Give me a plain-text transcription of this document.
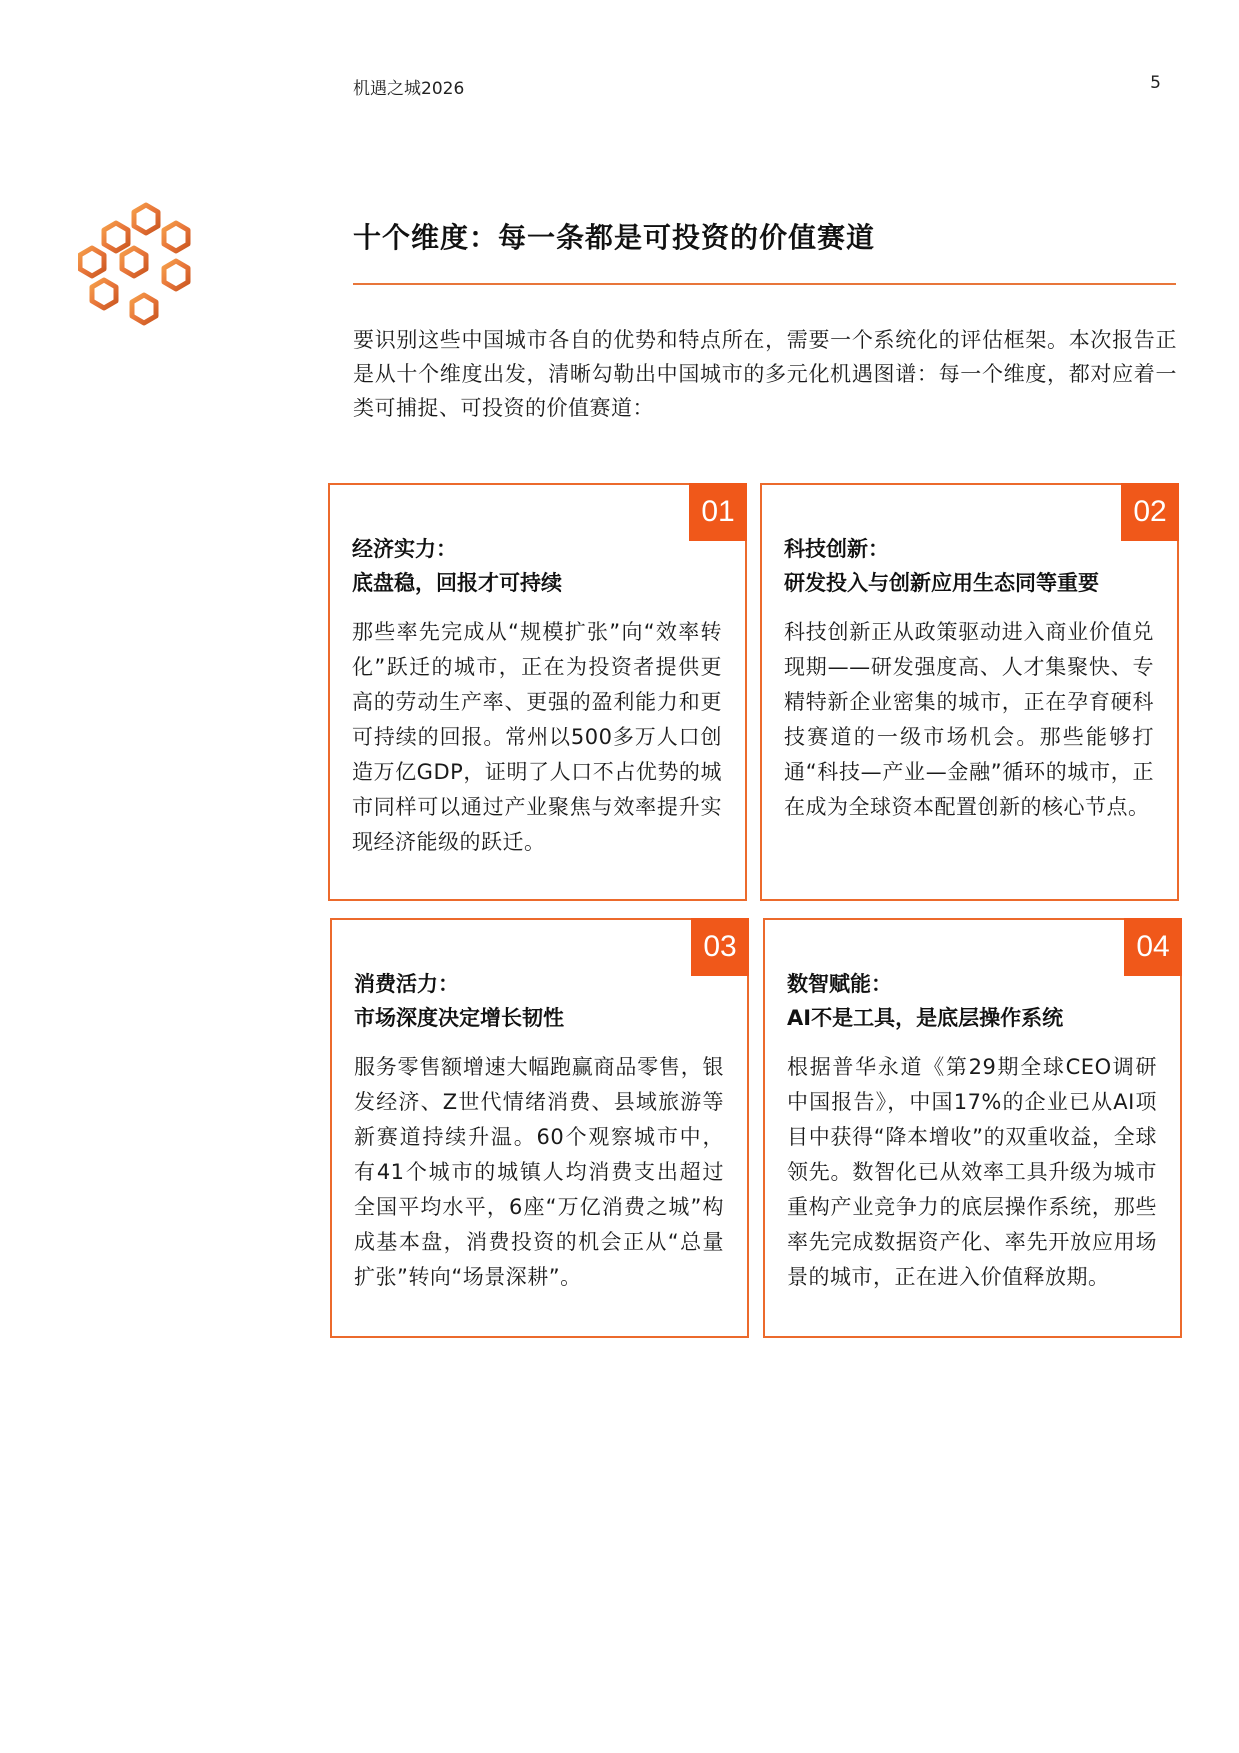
机遇之城2026	5
十个维度：每一条都是可投资的价值赛道
要识别这些中国城市各自的优势和特点所在，需要一个系统化的评估框架。本次报告正是从十个维度出发，清晰勾勒出中国城市的多元化机遇图谱：每一个维度，都对应着一类可捕捉、可投资的价值赛道：
01
经济实力：
底盘稳，回报才可持续
那些率先完成从“规模扩张”向“效率转化”跃迁的城市，正在为投资者提供更高的劳动生产率、更强的盈利能力和更可持续的回报。常州以500多万人口创造万亿GDP，证明了人口不占优势的城市同样可以通过产业聚焦与效率提升实现经济能级的跃迁。
02
科技创新：
研发投入与创新应用生态同等重要
科技创新正从政策驱动进入商业价值兑现期——研发强度高、人才集聚快、专精特新企业密集的城市，正在孕育硬科技赛道的一级市场机会。那些能够打通“科技—产业—金融”循环的城市，正在成为全球资本配置创新的核心节点。
03
消费活力：
市场深度决定增长韧性
服务零售额增速大幅跑赢商品零售，银发经济、Z世代情绪消费、县域旅游等新赛道持续升温。60个观察城市中，有41个城市的城镇人均消费支出超过全国平均水平，6座“万亿消费之城”构成基本盘，消费投资的机会正从“总量扩张”转向“场景深耕”。
04
数智赋能：
AI不是工具，是底层操作系统
根据普华永道《第29期全球CEO调研中国报告》，中国17%的企业已从AI项目中获得“降本增收”的双重收益，全球领先。数智化已从效率工具升级为城市重构产业竞争力的底层操作系统，那些率先完成数据资产化、率先开放应用场景的城市，正在进入价值释放期。
